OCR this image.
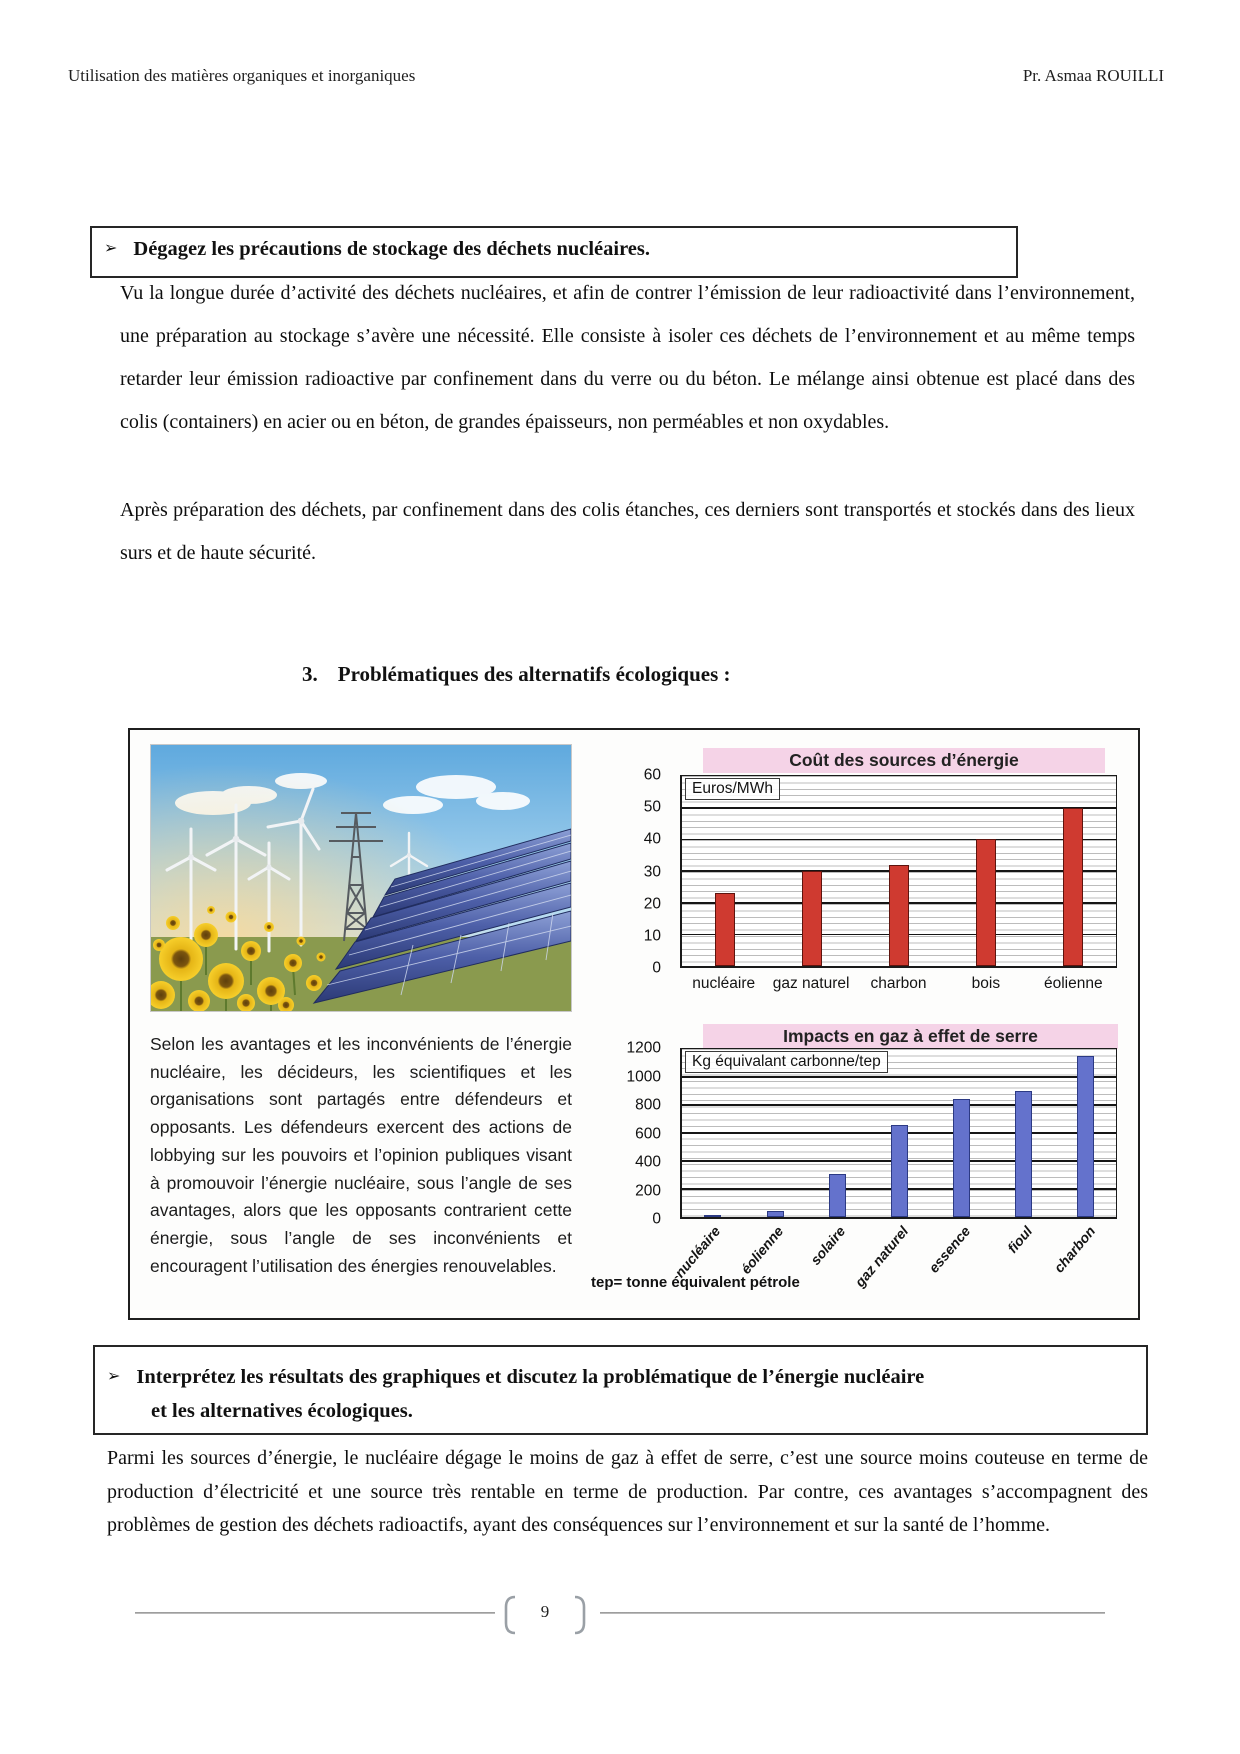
Utilisation des matières organiques et inorganiques	Pr. Asmaa ROUILLI
➢ Dégagez les précautions de stockage des déchets nucléaires.
Vu la longue durée d’activité des déchets nucléaires, et afin de contrer l’émission de leur radioactivité dans l’environnement, une préparation au stockage s’avère une nécessité. Elle consiste à isoler ces déchets de l’environnement et au même temps retarder leur émission radioactive par confinement dans du verre ou du béton. Le mélange ainsi obtenue est placé dans des colis (containers) en acier ou en béton, de grandes épaisseurs, non perméables et non oxydables.
Après préparation des déchets, par confinement dans des colis étanches, ces derniers sont transportés et stockés dans des lieux surs et de haute sécurité.
3. Problématiques des alternatifs écologiques :
Selon les avantages et les inconvénients de l’énergie nucléaire, les décideurs, les scientifiques et les organisations sont partagés entre défendeurs et opposants. Les défendeurs exercent des actions de lobbying sur les pouvoirs et l’opinion publiques visant à promouvoir l’énergie nucléaire, sous l’angle de ses avantages, alors que les opposants contrarient cette énergie, sous l’angle de ses inconvénients et encouragent l’utilisation des énergies renouvelables.
Coût des sources d’énergie
0
10
20
30
40
50
60
Euros/MWh
nucléaire gaz naturel charbon	bois	éolienne
Impacts en gaz à effet de serre
0
200
400
600
800
1000
1200
Kg équivalant carbonne/tep
nucléaire éolienne solaire gaz naturel essence fioul charbon
tep= tonne équivalent pétrole
➢ Interprétez les résultats des graphiques et discutez la problématique de l’énergie nucléaire
et les alternatives écologiques.
Parmi les sources d’énergie, le nucléaire dégage le moins de gaz à effet de serre, c’est une source moins couteuse en terme de production d’électricité et une source très rentable en terme de production. Par contre, ces avantages s’accompagnent des problèmes de gestion des déchets radioactifs, ayant des conséquences sur l’environnement et sur la santé de l’homme.
9
